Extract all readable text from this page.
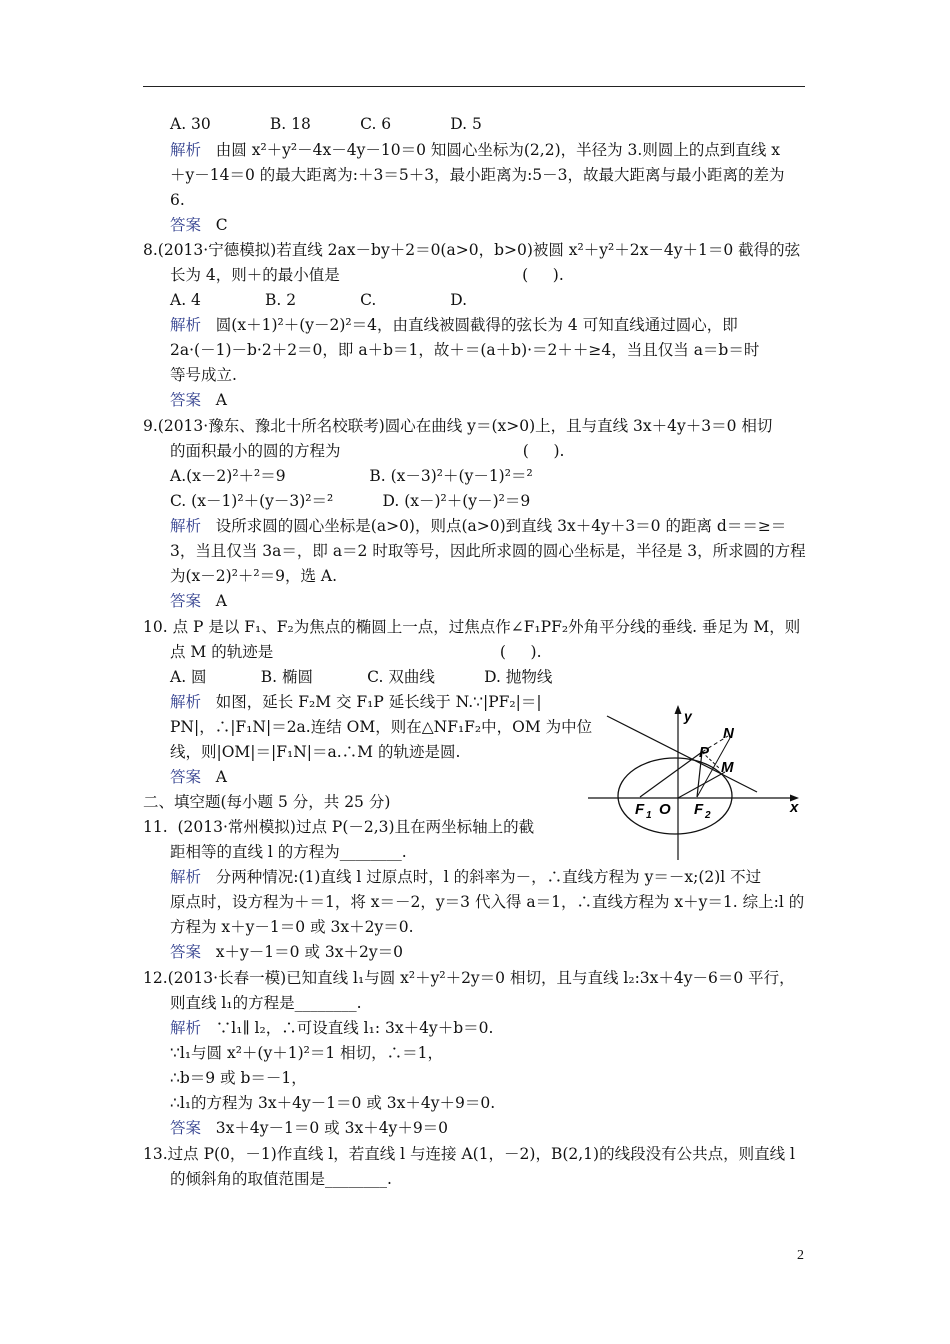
A. 30            B. 18          C. 6            D. 5
解析   由圆 x²＋y²－4x－4y－10＝0 知圆心坐标为(2,2)，半径为 3.则圆上的点到直线 x
＋y－14＝0 的最大距离为:＋3＝5＋3，最小距离为:5－3，故最大距离与最小距离的差为
6.
答案   C
8.(2013·宁德模拟)若直线 2ax－by＋2＝0(a>0，b>0)被圆 x²＋y²＋2x－4y＋1＝0 截得的弦
长为 4，则＋的最小值是                                     (     ).
A. 4             B. 2             C.               D.
解析   圆(x＋1)²＋(y－2)²＝4，由直线被圆截得的弦长为 4 可知直线通过圆心，即
2a·(－1)－b·2＋2＝0，即 a＋b＝1，故＋＝(a＋b)·＝2＋＋≥4，当且仅当 a＝b＝时
等号成立.
答案   A
9.(2013·豫东、豫北十所名校联考)圆心在曲线 y＝(x>0)上，且与直线 3x＋4y＋3＝0 相切
的面积最小的圆的方程为                                     (     ).
A.(x－2)²＋²＝9                 B. (x－3)²＋(y－1)²＝²
C. (x－1)²＋(y－3)²＝²          D. (x－)²＋(y－)²＝9
解析   设所求圆的圆心坐标是(a>0)，则点(a>0)到直线 3x＋4y＋3＝0 的距离 d＝＝≥＝
3，当且仅当 3a＝，即 a＝2 时取等号，因此所求圆的圆心坐标是，半径是 3，所求圆的方程
为(x－2)²＋²＝9，选 A.
答案   A
10. 点 P 是以 F₁、F₂为焦点的椭圆上一点，过焦点作∠F₁PF₂外角平分线的垂线. 垂足为 M，则
点 M 的轨迹是                                              (     ).
A. 圆           B. 椭圆           C. 双曲线          D. 抛物线
解析   如图，延长 F₂M 交 F₁P 延长线于 N.∵|PF₂|＝|
PN|，∴|F₁N|＝2a.连结 OM，则在△NF₁F₂中，OM 为中位
线，则|OM|＝|F₁N|＝a.∴M 的轨迹是圆.
答案   A
二、填空题(每小题 5 分，共 25 分)
11.  (2013·常州模拟)过点 P(－2,3)且在两坐标轴上的截
距相等的直线 l 的方程为________.
解析   分两种情况:(1)直线 l 过原点时，l 的斜率为－，∴直线方程为 y＝－x;(2)l 不过
原点时，设方程为＋＝1，将 x＝－2，y＝3 代入得 a＝1，∴直线方程为 x＋y＝1. 综上:l 的
方程为 x＋y－1＝0 或 3x＋2y＝0.
答案   x＋y－1＝0 或 3x＋2y＝0
12.(2013·长春一模)已知直线 l₁与圆 x²＋y²＋2y＝0 相切，且与直线 l₂:3x＋4y－6＝0 平行，
则直线 l₁的方程是________.
解析   ∵l₁∥ l₂，∴可设直线 l₁: 3x＋4y＋b＝0.
∵l₁与圆 x²＋(y＋1)²＝1 相切，∴＝1，
∴b＝9 或 b＝－1，
∴l₁的方程为 3x＋4y－1＝0 或 3x＋4y＋9＝0.
答案   3x＋4y－1＝0 或 3x＋4y＋9＝0
13.过点 P(0，－1)作直线 l，若直线 l 与连接 A(1，－2)，B(2,1)的线段没有公共点，则直线 l
的倾斜角的取值范围是________.
y
x
N
P
M
F 1 O F 2
2
